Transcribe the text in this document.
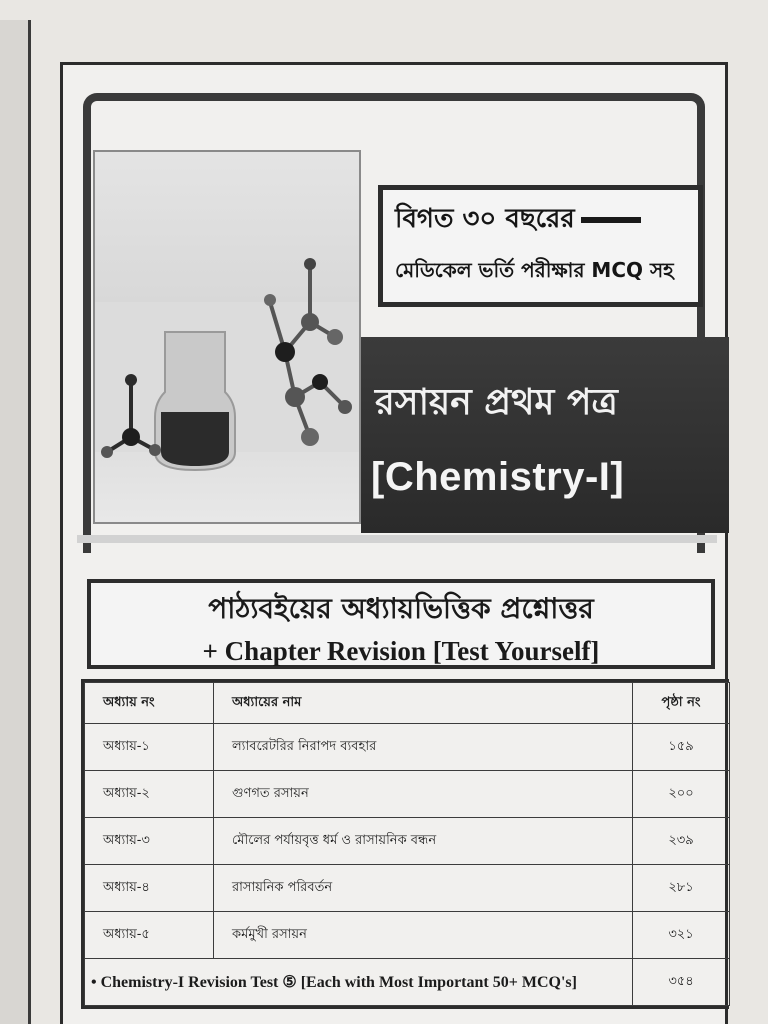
বিগত ৩০ বছরের
মেডিকেল ভর্তি পরীক্ষার MCQ সহ
রসায়ন প্রথম পত্র
[Chemistry-I]
পাঠ্যবইয়ের অধ্যায়ভিত্তিক প্রশ্নোত্তর
+ Chapter Revision [Test Yourself]
অধ্যায় নং	অধ্যায়ের নাম	পৃষ্ঠা নং
অধ্যায়-১	ল্যাবরেটরির নিরাপদ ব্যবহার	১৫৯
অধ্যায়-২	গুণগত রসায়ন	২০০
অধ্যায়-৩	মৌলের পর্যায়বৃত্ত ধর্ম ও রাসায়নিক বন্ধন	২৩৯
অধ্যায়-৪	রাসায়নিক পরিবর্তন	২৮১
অধ্যায়-৫	কর্মমুখী রসায়ন	৩২১
• Chemistry-I Revision Test ⑤ [Each with Most Important 50+ MCQ's]		৩৫৪
